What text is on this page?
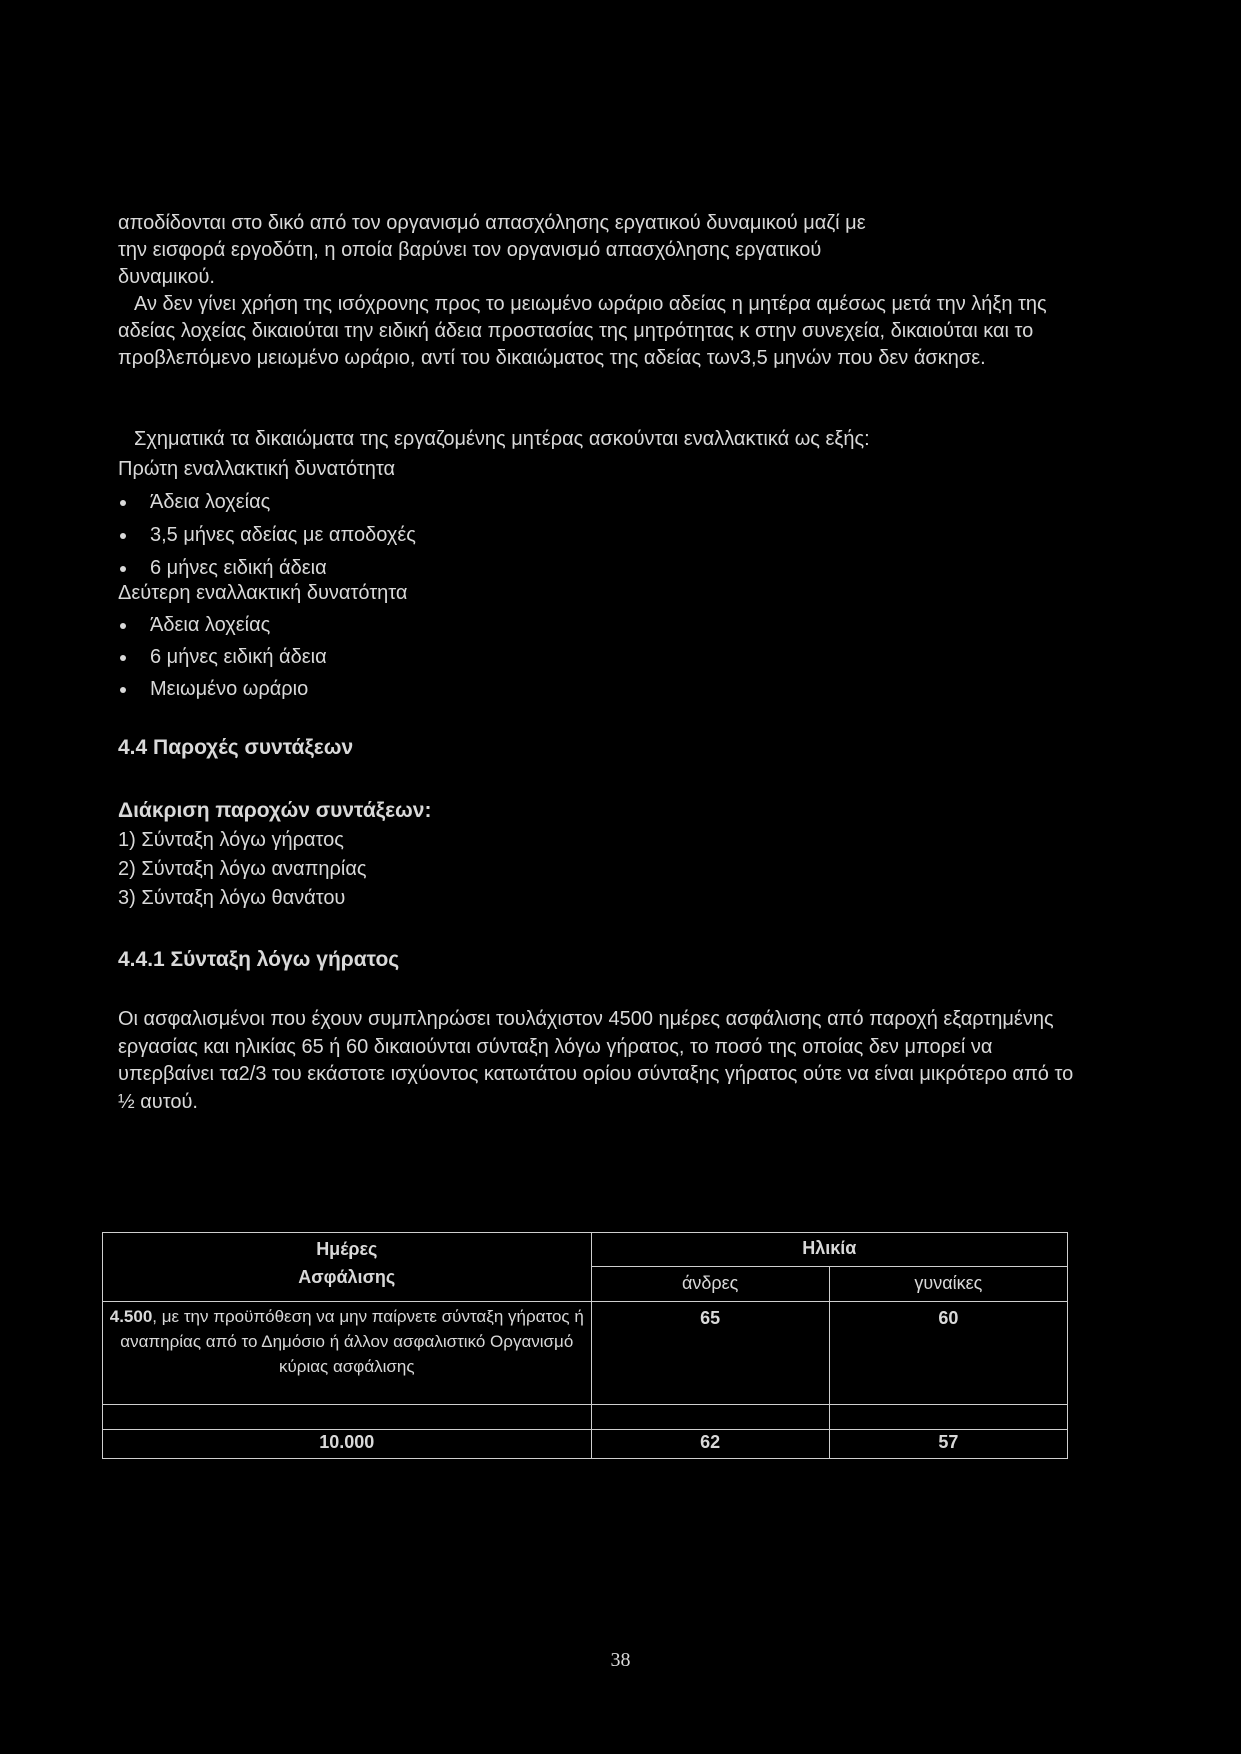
αποδίδονται στο δικό από τον οργανισμό απασχόλησης εργατικού δυναμικού μαζί με

την εισφορά εργοδότη, η οποία βαρύνει τον οργανισμό απασχόλησης εργατικού

δυναμικού.

Αν δεν γίνει χρήση της ισόχρονης προς το μειωμένο ωράριο αδείας η μητέρα αμέσως μετά την λήξη της αδείας λοχείας δικαιούται την ειδική άδεια προστασίας της μητρότητας κ στην συνεχεία, δικαιούται και το προβλεπόμενο μειωμένο ωράριο, αντί του δικαιώματος της αδείας των3,5 μηνών που δεν άσκησε.

Σχηματικά τα δικαιώματα της εργαζομένης μητέρας ασκούνται εναλλακτικά ως εξής:

Πρώτη εναλλακτική δυνατότητα
Άδεια λοχείας
3,5 μήνες αδείας με αποδοχές
6 μήνες ειδική άδεια
Δεύτερη εναλλακτική δυνατότητα
Άδεια λοχείας
6 μήνες ειδική άδεια
Μειωμένο ωράριο
4.4 Παροχές συντάξεων
Διάκριση παροχών συντάξεων:
1) Σύνταξη λόγω γήρατος
2) Σύνταξη λόγω αναπηρίας
3) Σύνταξη λόγω θανάτου
4.4.1 Σύνταξη λόγω γήρατος

Οι ασφαλισμένοι που έχουν συμπληρώσει τουλάχιστον 4500 ημέρες ασφάλισης από παροχή εξαρτημένης εργασίας και ηλικίας 65 ή 60 δικαιούνται σύνταξη λόγω γήρατος, το ποσό της οποίας δεν μπορεί να υπερβαίνει τα2/3 του εκάστοτε ισχύοντος κατωτάτου ορίου σύνταξης γήρατος ούτε να είναι μικρότερο από το ½ αυτού.

Ημέρες
Ασφάλισης	Ηλικία	
	άνδρες	γυναίκες
4.500, με την προϋπόθεση να μην παίρνετε σύνταξη γήρατος ή αναπηρίας από το Δημόσιο ή άλλον ασφαλιστικό Οργανισμό κύριας ασφάλισης	65	60

10.000	62	57
38
